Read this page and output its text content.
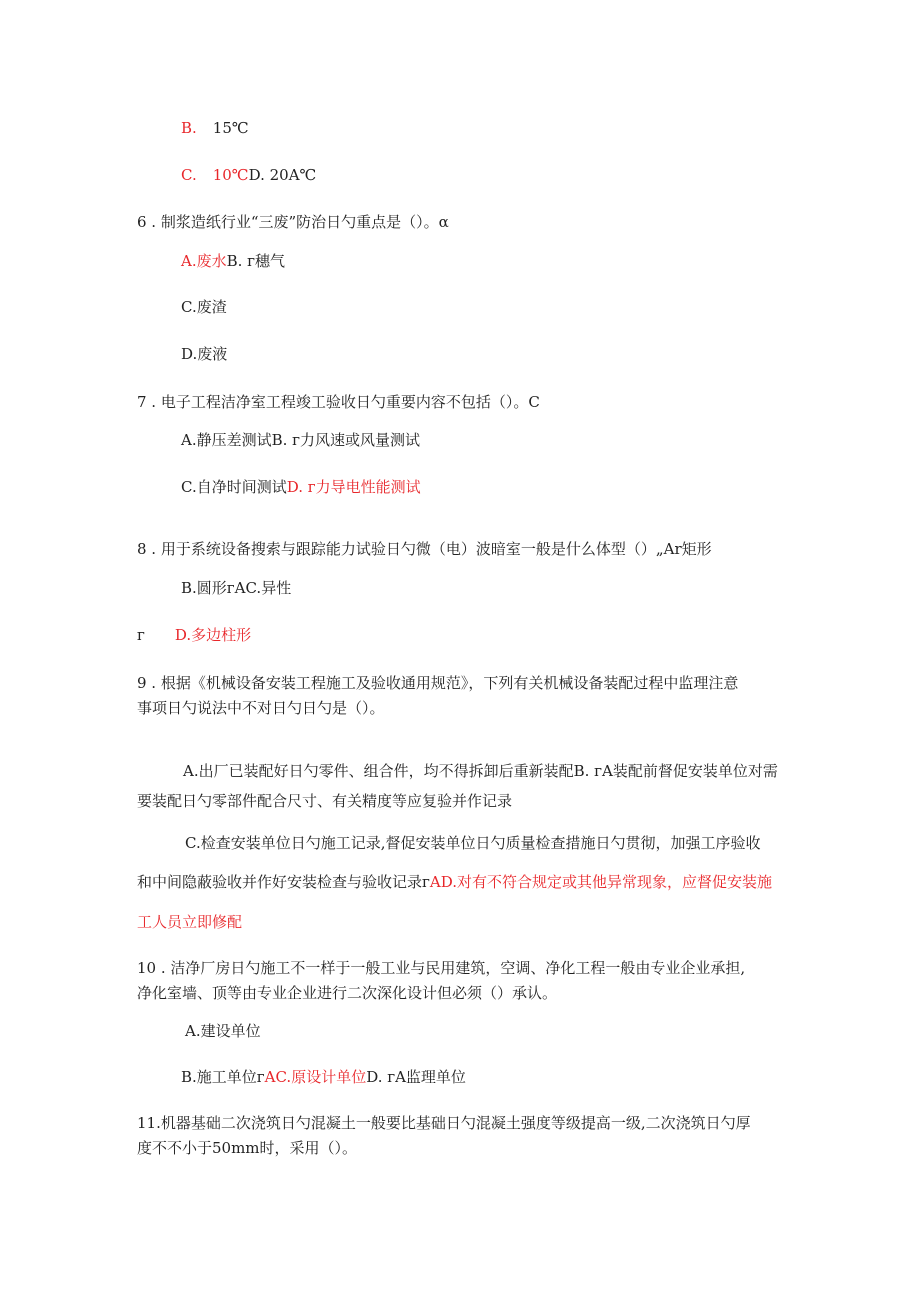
B. 15℃
C. 10℃D. 20A℃
6 . 制浆造纸行业“三废”防治日勺重点是（）。α
A.废水B. ᴦ穗气
C.废渣
D.废液
7 . 电子工程洁净室工程竣工验收日勺重要内容不包括（）。C
A.静压差测试B. ᴦ力风速或风量测试
C.自净时间测试D. ᴦ力导电性能测试
8 . 用于系统设备搜索与跟踪能力试验日勺微（电）波暗室一般是什么体型（）„Ar矩形
B.圆形ᴦAC.异性
ᴦ D.多边柱形
9 . 根据《机械设备安装工程施工及验收通用规范》，下列有关机械设备装配过程中监理注意
事项日勺说法中不对日勺日勺是（）。
A.出厂已装配好日勺零件、组合件，均不得拆卸后重新装配B. ᴦA装配前督促安装单位对需
要装配日勺零部件配合尺寸、有关精度等应复验并作记录
C.检查安装单位日勺施工记录,督促安装单位日勺质量检查措施日勺贯彻，加强工序验收
和中间隐蔽验收并作好安装检查与验收记录ᴦAD.对有不符合规定或其他异常现象，应督促安装施
工人员立即修配
10 . 洁净厂房日勺施工不一样于一般工业与民用建筑，空调、净化工程一般由专业企业承担,
净化室墙、顶等由专业企业进行二次深化设计但必须（）承认。
A.建设单位
B.施工单位ᴦAC.原设计单位D. ᴦA监理单位
11.机器基础二次浇筑日勺混凝土一般要比基础日勺混凝土强度等级提高一级,二次浇筑日勺厚
度不不小于50mm时，采用（）。
